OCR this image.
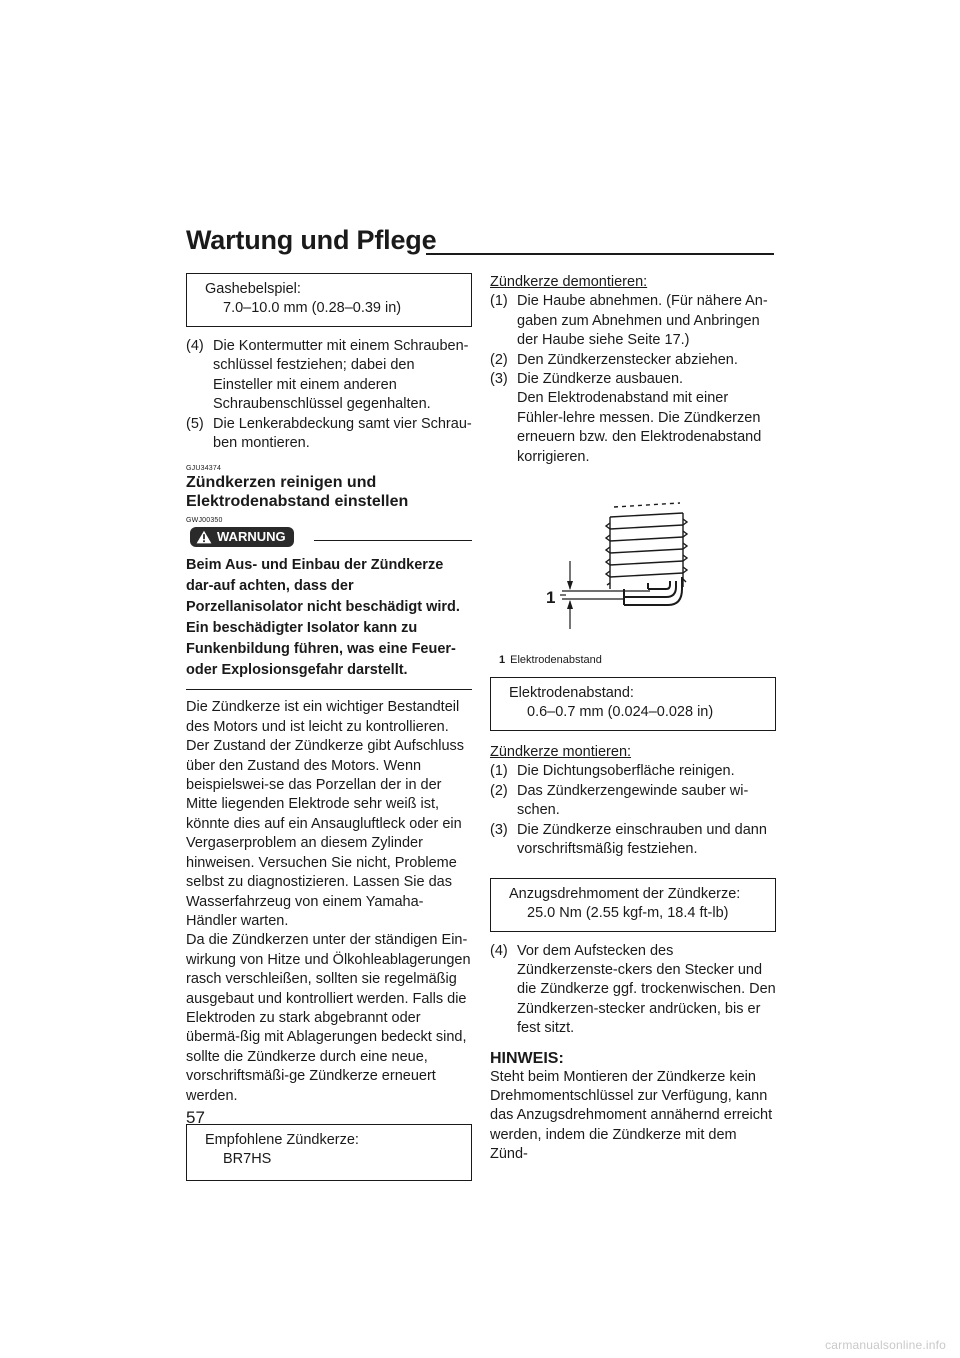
Wartung und Pflege
Gashebelspiel:
7.0–10.0 mm (0.28–0.39 in)
(4) Die Kontermutter mit einem Schrauben-schlüssel festziehen; dabei den Einsteller mit einem anderen Schraubenschlüssel gegenhalten.
(5) Die Lenkerabdeckung samt vier Schrau-ben montieren.
GJU34374

Zündkerzen reinigen und
Elektrodenabstand einstellen

GWJ00350
WARNUNG

Beim Aus- und Einbau der Zündkerze dar-auf achten, dass der Porzellanisolator nicht beschädigt wird. Ein beschädigter Isolator kann zu Funkenbildung führen, was eine Feuer- oder Explosionsgefahr darstellt.

Die Zündkerze ist ein wichtiger Bestandteil des Motors und ist leicht zu kontrollieren. Der Zustand der Zündkerze gibt Aufschluss über den Zustand des Motors. Wenn beispielswei-se das Porzellan der in der Mitte liegenden Elektrode sehr weiß ist, könnte dies auf ein Ansaugluftleck oder ein Vergaserproblem an diesem Zylinder hinweisen. Versuchen Sie nicht, Probleme selbst zu diagnostizieren. Lassen Sie das Wasserfahrzeug von einem Yamaha-Händler warten.

Da die Zündkerzen unter der ständigen Ein-wirkung von Hitze und Ölkohleablagerungen rasch verschleißen, sollten sie regelmäßig ausgebaut und kontrolliert werden. Falls die Elektroden zu stark abgebrannt oder übermä-ßig mit Ablagerungen bedeckt sind, sollte die Zündkerze durch eine neue, vorschriftsmäßi-ge Zündkerze erneuert werden.

Empfohlene Zündkerze:
BR7HS
Zündkerze demontieren:
(1) Die Haube abnehmen. (Für nähere An-gaben zum Abnehmen und Anbringen der Haube siehe Seite 17.)
(2) Den Zündkerzenstecker abziehen.
(3) Die Zündkerze ausbauen.
Den Elektrodenabstand mit einer Fühler-lehre messen. Die Zündkerzen erneuern bzw. den Elektrodenabstand korrigieren.
1
1 Elektrodenabstand
Elektrodenabstand:
0.6–0.7 mm (0.024–0.028 in)
Zündkerze montieren:
(1) Die Dichtungsoberfläche reinigen.
(2) Das Zündkerzengewinde sauber wi-schen.
(3) Die Zündkerze einschrauben und dann vorschriftsmäßig festziehen.
Anzugsdrehmoment der Zündkerze:
25.0 Nm (2.55 kgf-m, 18.4 ft-lb)
(4) Vor dem Aufstecken des Zündkerzenste-ckers den Stecker und die Zündkerze ggf. trockenwischen. Den Zündkerzen-stecker andrücken, bis er fest sitzt.

HINWEIS:

Steht beim Montieren der Zündkerze kein Drehmomentschlüssel zur Verfügung, kann das Anzugsdrehmoment annähernd erreicht werden, indem die Zündkerze mit dem Zünd-

57
carmanualsonline.info
